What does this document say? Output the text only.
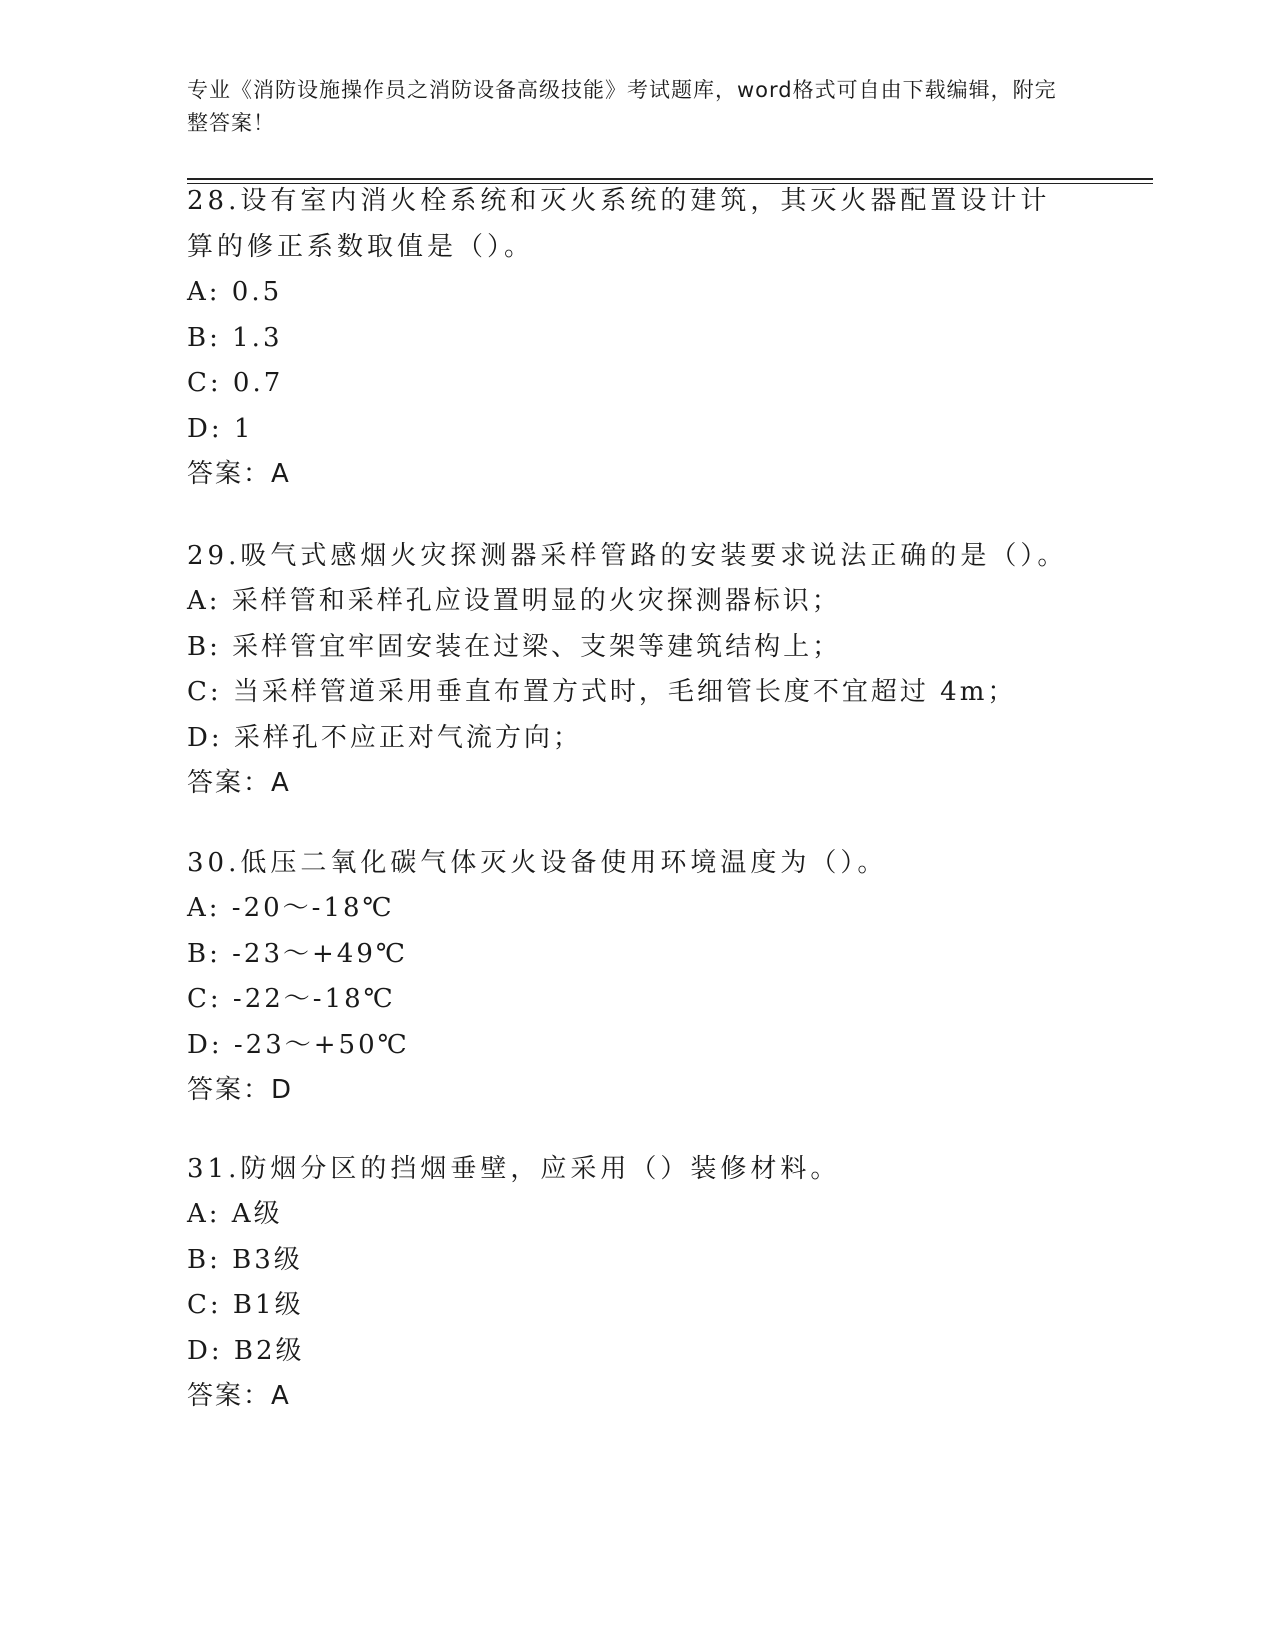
专业《消防设施操作员之消防设备高级技能》考试题库，word格式可自由下载编辑，附完整答案！

28.设有室内消火栓系统和灭火系统的建筑，其灭火器配置设计计算的修正系数取值是（）。

A: 0.5

B: 1.3

C: 0.7

D: 1

答案：A

29.吸气式感烟火灾探测器采样管路的安装要求说法正确的是（）。

A: 采样管和采样孔应设置明显的火灾探测器标识；

B: 采样管宜牢固安装在过梁、支架等建筑结构上；

C: 当采样管道采用垂直布置方式时，毛细管长度不宜超过 4m；

D: 采样孔不应正对气流方向；

答案：A

30.低压二氧化碳气体灭火设备使用环境温度为（）。

A: -20～-18℃

B: -23～+49℃

C: -22～-18℃

D: -23～+50℃

答案：D

31.防烟分区的挡烟垂壁，应采用（）装修材料。

A: A级

B: B3级

C: B1级

D: B2级

答案：A
